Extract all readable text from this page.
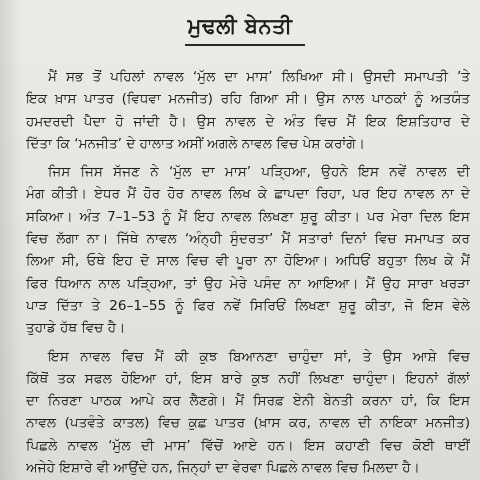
ਮੁਢਲੀ ਬੇਨਤੀ
ਮੈਂ ਸਭ ਤੋਂ ਪਹਿਲਾਂ ਨਾਵਲ ‘ਮੁੱਲ ਦਾ ਮਾਸ’ ਲਿਖਿਆ ਸੀ। ਉਸਦੀ ਸਮਾਪਤੀ ’ਤੇ
ਇਕ ਖ਼ਾਸ ਪਾਤਰ (ਵਿਧਵਾ ਮਨਜੀਤ) ਰਹਿ ਗਿਆ ਸੀ। ਉਸ ਨਾਲ ਪਾਠਕਾਂ ਨੂੰ ਅਤਯੰਤ
ਹਮਦਰਦੀ ਪੈਦਾ ਹੋ ਜਾਂਦੀ ਹੈ। ਉਸ ਨਾਵਲ ਦੇ ਅੰਤ ਵਿਚ ਮੈਂ ਇਕ ਇਸ਼ਤਿਹਾਰ ਦੇ
ਦਿੱਤਾ ਕਿ ‘ਮਨਜੀਤ’ ਦੇ ਹਾਲਾਤ ਅਸੀਂ ਅਗਲੇ ਨਾਵਲ ਵਿਚ ਪੇਸ਼ ਕਰਾਂਗੇ।
ਜਿਸ ਜਿਸ ਸੱਜਣ ਨੇ ‘ਮੁੱਲ ਦਾ ਮਾਸ’ ਪੜ੍ਹਿਆ, ਉਹਨੇ ਇਸ ਨਵੇਂ ਨਾਵਲ ਦੀ
ਮੰਗ ਕੀਤੀ। ਏਧਰ ਮੈਂ ਹੋਰ ਹੋਰ ਨਾਵਲ ਲਿਖ ਕੇ ਛਾਪਦਾ ਰਿਹਾ, ਪਰ ਇਹ ਨਾਵਲ ਨਾ ਦੇ
ਸਕਿਆ। ਅੰਤ 7–1–53 ਨੂੰ ਮੈਂ ਇਹ ਨਾਵਲ ਲਿਖਣਾ ਸ਼ੁਰੂ ਕੀਤਾ। ਪਰ ਮੇਰਾ ਦਿਲ ਇਸ
ਵਿਚ ਲੱਗਾ ਨਾ। ਜਿੱਥੇ ਨਾਵਲ ‘ਅੰਨ੍ਹੀ ਸੁੰਦਰਤਾ’ ਮੈਂ ਸਤਾਰਾਂ ਦਿਨਾਂ ਵਿਚ ਸਮਾਪਤ ਕਰ
ਲਿਆ ਸੀ, ਓਥੇ ਇਹ ਦੋ ਸਾਲ ਵਿਚ ਵੀ ਪੂਰਾ ਨਾ ਹੋਇਆ। ਅਧਿਓਂ ਬਹੁਤਾ ਲਿਖ ਕੇ ਮੈਂ
ਫਿਰ ਧਿਆਨ ਨਾਲ ਪੜ੍ਹਿਆ, ਤਾਂ ਉਹ ਮੇਰੇ ਪਸੰਦ ਨਾ ਆਇਆ। ਮੈਂ ਉਹ ਸਾਰਾ ਖਰੜਾ
ਪਾੜ ਦਿੱਤਾ ਤੇ 26–1–55 ਨੂੰ ਫਿਰ ਨਵੇਂ ਸਿਰਿਓਂ ਲਿਖਣਾ ਸ਼ੁਰੂ ਕੀਤਾ, ਜੋ ਇਸ ਵੇਲੇ
ਤੁਹਾਡੇ ਹੱਥ ਵਿਚ ਹੈ।
ਇਸ ਨਾਵਲ ਵਿਚ ਮੈਂ ਕੀ ਕੁਝ ਬਿਆਨਣਾ ਚਾਹੁੰਦਾ ਸਾਂ, ਤੇ ਉਸ ਆਸ਼ੇ ਵਿਚ
ਕਿੱਥੋਂ ਤਕ ਸਫਲ ਹੋਇਆ ਹਾਂ, ਇਸ ਬਾਰੇ ਕੁਝ ਨਹੀਂ ਲਿਖਣਾ ਚਾਹੁੰਦਾ। ਇਹਨਾਂ ਗੱਲਾਂ
ਦਾ ਨਿਰਣਾ ਪਾਠਕ ਆਪੇ ਕਰ ਲੈਣਗੇ। ਮੈਂ ਸਿਰਫ਼ ਏਨੀ ਬੇਨਤੀ ਕਰਨਾ ਹਾਂ, ਕਿ ਇਸ
ਨਾਵਲ (ਪਤਵੰਤੇ ਕਾਤਲ) ਵਿਚ ਕੁਛ ਪਾਤਰ (ਖ਼ਾਸ ਕਰ, ਨਾਵਲ ਦੀ ਨਾਇਕਾ ਮਨਜੀਤ)
ਪਿਛਲੇ ਨਾਵਲ ‘ਮੁੱਲ ਦੀ ਮਾਸ’ ਵਿੱਚੋਂ ਆਏ ਹਨ। ਇਸ ਕਹਾਣੀ ਵਿਚ ਕੋਈ ਥਾਈਂ
ਅਜੇਹੇ ਇਸ਼ਾਰੇ ਵੀ ਆਉਂਦੇ ਹਨ, ਜਿਨ੍ਹਾਂ ਦਾ ਵੇਰਵਾ ਪਿਛਲੇ ਨਾਵਲ ਵਿਚ ਮਿਲਦਾ ਹੈ।
